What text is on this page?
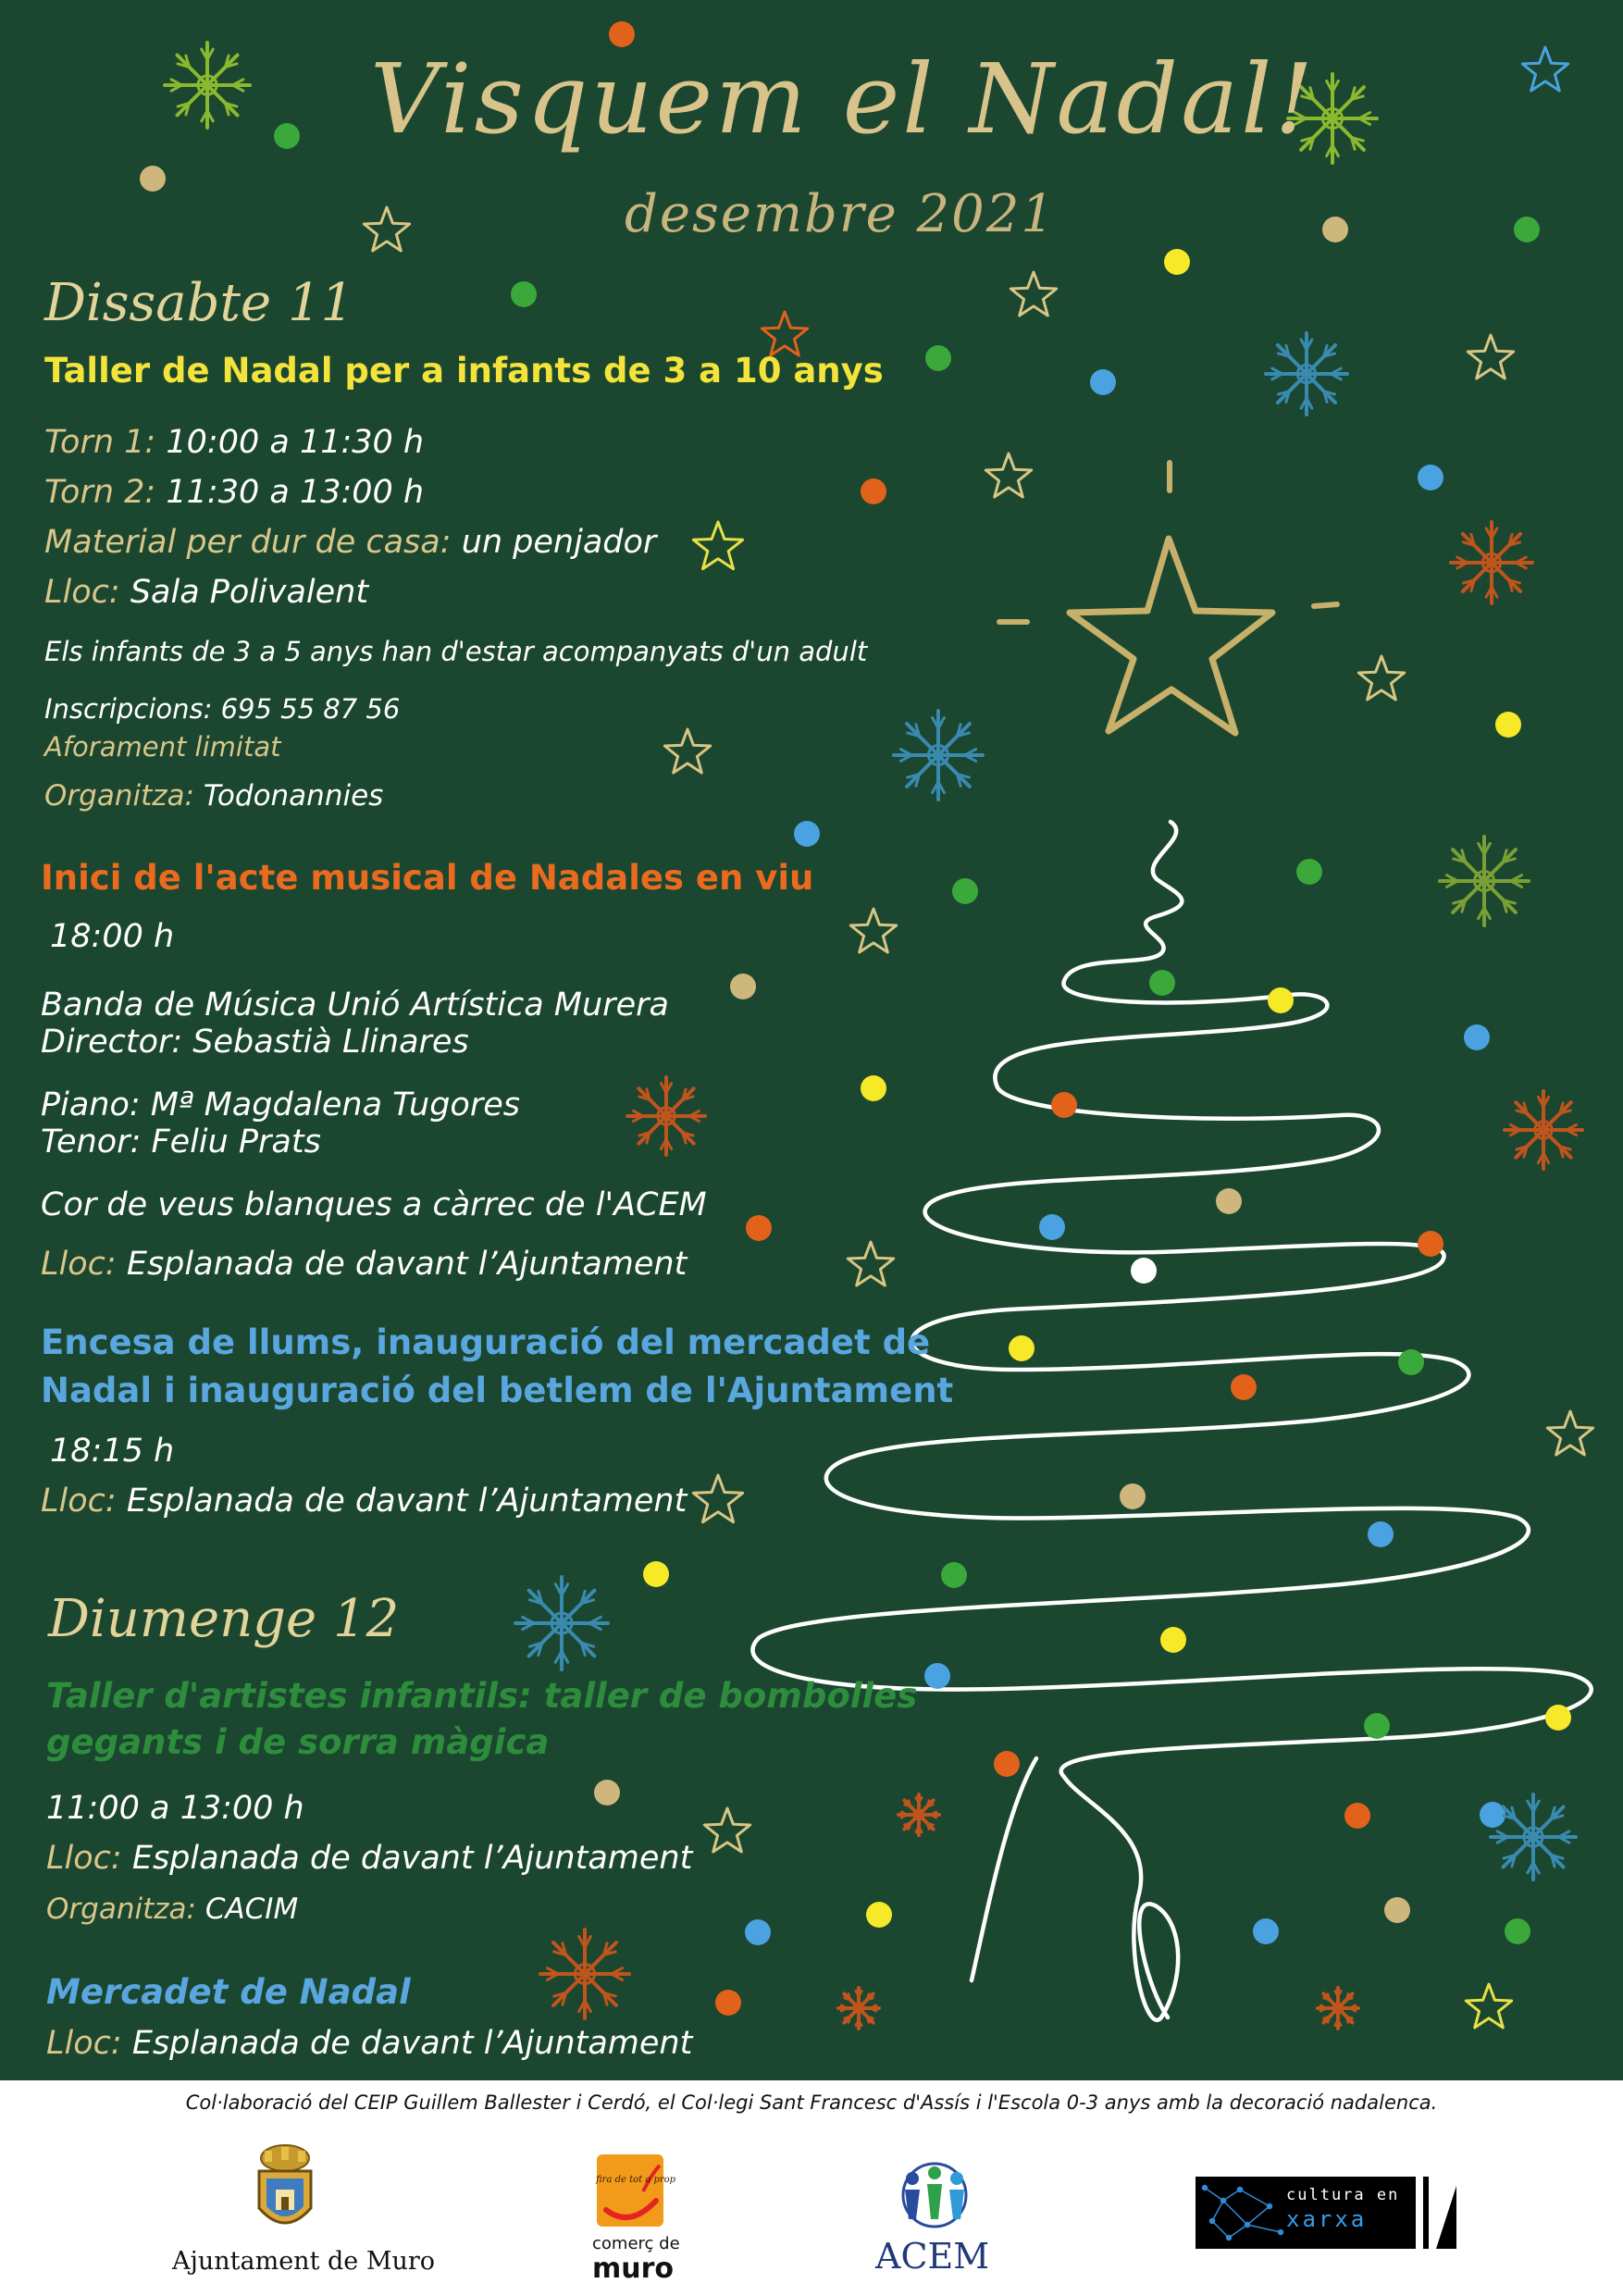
Visquem el Nadal!
desembre 2021
Dissabte 11
Taller de Nadal per a infants de 3 a 10 anys
Torn 1: 10:00 a 11:30 h
Torn 2: 11:30 a 13:00 h
Material per dur de casa: un penjador
Lloc: Sala Polivalent
Els infants de 3 a 5 anys han d'estar acompanyats d'un adult
Inscripcions: 695 55 87 56
Aforament limitat
Organitza: Todonannies
Inici de l'acte musical de Nadales en viu
18:00 h
Banda de Música Unió Artística Murera
Director: Sebastià Llinares
Piano: Mª Magdalena Tugores
Tenor: Feliu Prats
Cor de veus blanques a càrrec de l'ACEM
Lloc: Esplanada de davant l’Ajuntament
Encesa de llums, inauguració del mercadet de
Nadal i inauguració del betlem de l'Ajuntament
18:15 h
Lloc: Esplanada de davant l’Ajuntament
Diumenge 12
Taller d'artistes infantils: taller de bombolles
gegants i de sorra màgica
11:00 a 13:00 h
Lloc: Esplanada de davant l’Ajuntament
Organitza: CACIM
Mercadet de Nadal
Lloc: Esplanada de davant l’Ajuntament
Col·laboració del CEIP Guillem Ballester i Cerdó, el Col·legi Sant Francesc d'Assís i l'Escola 0-3 anys amb la decoració nadalenca.
Ajuntament de Muro
fira de tot a prop
comerç de
muro	ACEM
cultura en
xarxa
